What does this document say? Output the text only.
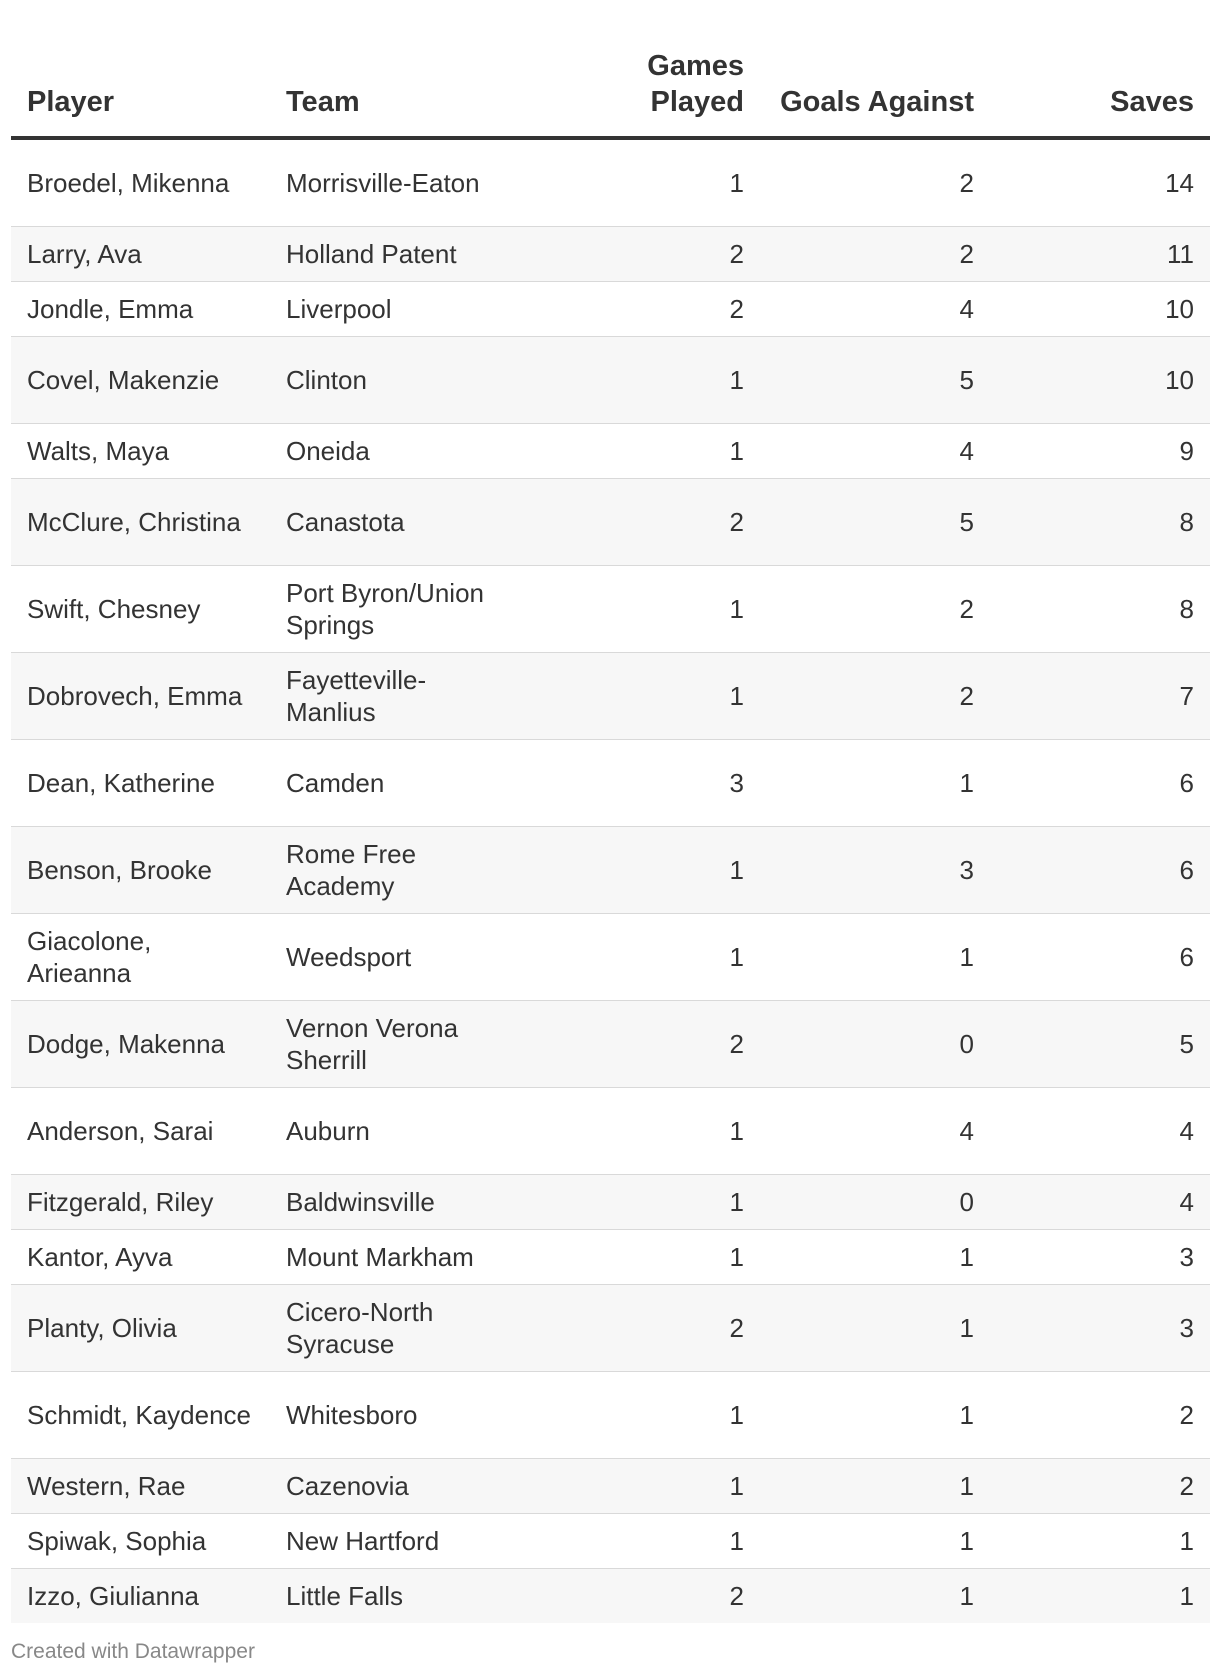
Player	Team	Games Played	Goals Against	Saves
Broedel, Mikenna	Morrisville-Eaton	1	2	14
Larry, Ava	Holland Patent	2	2	11
Jondle, Emma	Liverpool	2	4	10
Covel, Makenzie	Clinton	1	5	10
Walts, Maya	Oneida	1	4	9
McClure, Christina	Canastota	2	5	8
Swift, Chesney	Port Byron/Union Springs	1	2	8
Dobrovech, Emma	Fayetteville-Manlius	1	2	7
Dean, Katherine	Camden	3	1	6
Benson, Brooke	Rome Free Academy	1	3	6
Giacolone, Arieanna	Weedsport	1	1	6
Dodge, Makenna	Vernon Verona Sherrill	2	0	5
Anderson, Sarai	Auburn	1	4	4
Fitzgerald, Riley	Baldwinsville	1	0	4
Kantor, Ayva	Mount Markham	1	1	3
Planty, Olivia	Cicero-North Syracuse	2	1	3
Schmidt, Kaydence	Whitesboro	1	1	2
Western, Rae	Cazenovia	1	1	2
Spiwak, Sophia	New Hartford	1	1	1
Izzo, Giulianna	Little Falls	2	1	1
Created with Datawrapper
